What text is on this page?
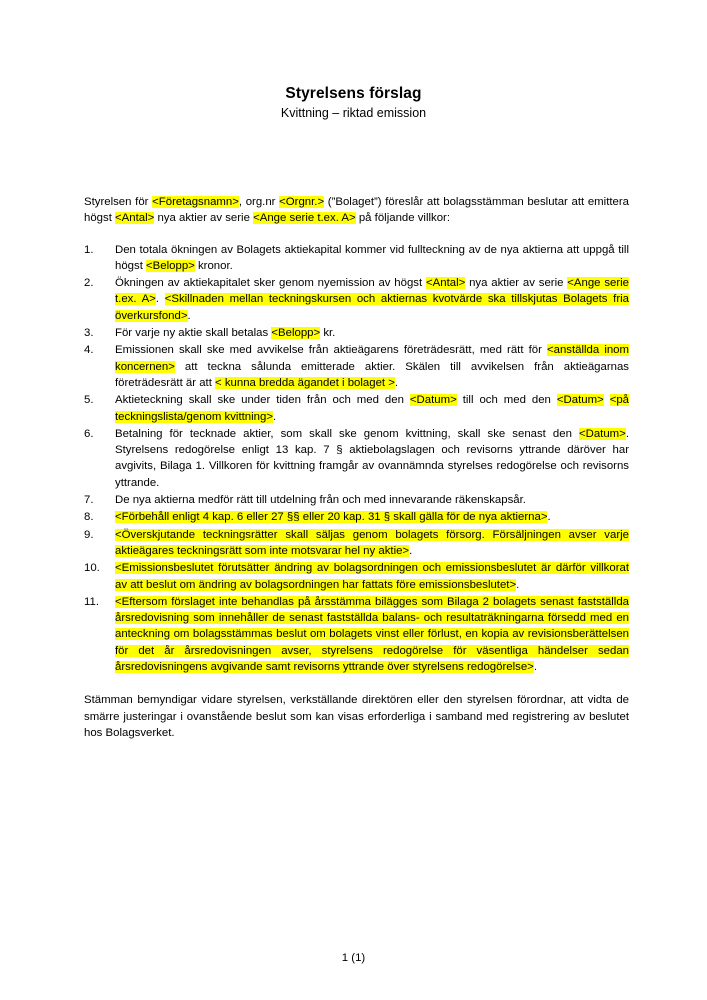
Styrelsens förslag
Kvittning – riktad emission

Styrelsen för <Företagsnamn>, org.nr <Orgnr.> (”Bolaget”) föreslår att bolagsstämman beslutar att emittera högst <Antal> nya aktier av serie <Ange serie t.ex. A> på följande villkor:

1.	Den totala ökningen av Bolagets aktiekapital kommer vid fullteckning av de nya aktierna att uppgå till högst <Belopp> kronor.
2.	Ökningen av aktiekapitalet sker genom nyemission av högst <Antal> nya aktier av serie <Ange serie t.ex. A>. <Skillnaden mellan teckningskursen och aktiernas kvotvärde ska tillskjutas Bolagets fria överkursfond>.
3.	För varje ny aktie skall betalas <Belopp> kr.
4.	Emissionen skall ske med avvikelse från aktieägarens företrädesrätt, med rätt för <anställda inom koncernen> att teckna sålunda emitterade aktier. Skälen till avvikelsen från aktieägarnas företrädesrätt är att < kunna bredda ägandet i bolaget >.
5.	Aktieteckning skall ske under tiden från och med den <Datum> till och med den <Datum> <på teckningslista/genom kvittning>.
6.	Betalning för tecknade aktier, som skall ske genom kvittning, skall ske senast den <Datum>. Styrelsens redogörelse enligt 13 kap. 7 § aktiebolagslagen och revisorns yttrande däröver har avgivits, Bilaga 1. Villkoren för kvittning framgår av ovannämnda styrelses redogörelse och revisorns yttrande.
7.	De nya aktierna medför rätt till utdelning från och med innevarande räkenskapsår.
8.	<Förbehåll enligt 4 kap. 6 eller 27 §§ eller 20 kap. 31 § skall gälla för de nya aktierna>.
9.	<Överskjutande teckningsrätter skall säljas genom bolagets försorg. Försäljningen avser varje aktieägares teckningsrätt som inte motsvarar hel ny aktie>.
10.	<Emissionsbeslutet förutsätter ändring av bolagsordningen och emissionsbeslutet är därför villkorat av att beslut om ändring av bolagsordningen har fattats före emissionsbeslutet>.
11.	<Eftersom förslaget inte behandlas på årsstämma bilägges som Bilaga 2 bolagets senast fastställda årsredovisning som innehåller de senast fastställda balans- och resultaträkningarna försedd med en anteckning om bolagsstämmas beslut om bolagets vinst eller förlust, en kopia av revisionsberättelsen för det år årsredovisningen avser, styrelsens redogörelse för väsentliga händelser sedan årsredovisningens avgivande samt revisorns yttrande över styrelsens redogörelse>.

Stämman bemyndigar vidare styrelsen, verkställande direktören eller den styrelsen förordnar, att vidta de smärre justeringar i ovanstående beslut som kan visas erforderliga i samband med registrering av beslutet hos Bolagsverket.

1 (1)
